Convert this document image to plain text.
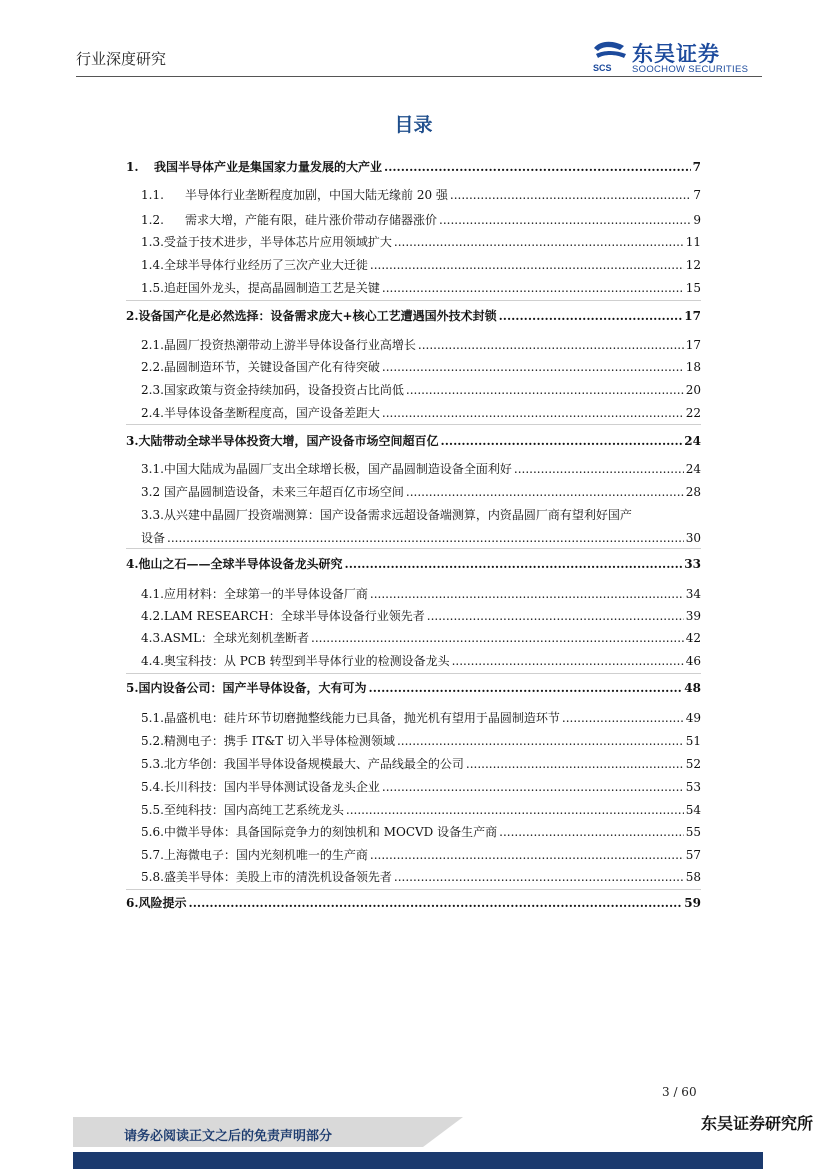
行业深度研究	SCS
东吴证券
SOOCHOW SECURITIES
目录
1.	我国半导体产业是集国家力量发展的大产业 .....	7
1.1.	半导体行业垄断程度加剧，中国大陆无缘前 20 强 .....	7
1.2.	需求大增，产能有限，硅片涨价带动存储器涨价 .....	9
1.3.受益于技术进步，半导体芯片应用领域扩大 .....	11
1.4.全球半导体行业经历了三次产业大迁徙 .....	12
1.5.追赶国外龙头，提高晶圆制造工艺是关键 .....	15
2.设备国产化是必然选择：设备需求庞大+核心工艺遭遇国外技术封锁 .....	17
2.1.晶圆厂投资热潮带动上游半导体设备行业高增长 .....	17
2.2.晶圆制造环节，关键设备国产化有待突破 .....	18
2.3.国家政策与资金持续加码，设备投资占比尚低 .....	20
2.4.半导体设备垄断程度高，国产设备差距大 .....	22
3.大陆带动全球半导体投资大增，国产设备市场空间超百亿 .....	24
3.1.中国大陆成为晶圆厂支出全球增长极，国产晶圆制造设备全面利好 .....	24
3.2 国产晶圆制造设备，未来三年超百亿市场空间 .....	28
3.3.从兴建中晶圆厂投资端测算：国产设备需求远超设备端测算，内资晶圆厂商有望利好国产
设备 .....	30
4.他山之石——全球半导体设备龙头研究 .....	33
4.1.应用材料：全球第一的半导体设备厂商 .....	34
4.2.LAM RESEARCH：全球半导体设备行业领先者 .....	39
4.3.ASML：全球光刻机垄断者 .....	42
4.4.奥宝科技：从 PCB 转型到半导体行业的检测设备龙头 .....	46
5.国内设备公司：国产半导体设备，大有可为 .....	48
5.1.晶盛机电：硅片环节切磨抛整线能力已具备，抛光机有望用于晶圆制造环节 .....	49
5.2.精测电子：携手 IT&T 切入半导体检测领域 .....	51
5.3.北方华创：我国半导体设备规模最大、产品线最全的公司 .....	52
5.4.长川科技：国内半导体测试设备龙头企业 .....	53
5.5.至纯科技：国内高纯工艺系统龙头 .....	54
5.6.中微半导体：具备国际竞争力的刻蚀机和 MOCVD 设备生产商 .....	55
5.7.上海微电子：国内光刻机唯一的生产商 .....	57
5.8.盛美半导体：美股上市的清洗机设备领先者 .....	58
6.风险提示 .....	59
3 / 60
东吴证券研究所
请务必阅读正文之后的免责声明部分
